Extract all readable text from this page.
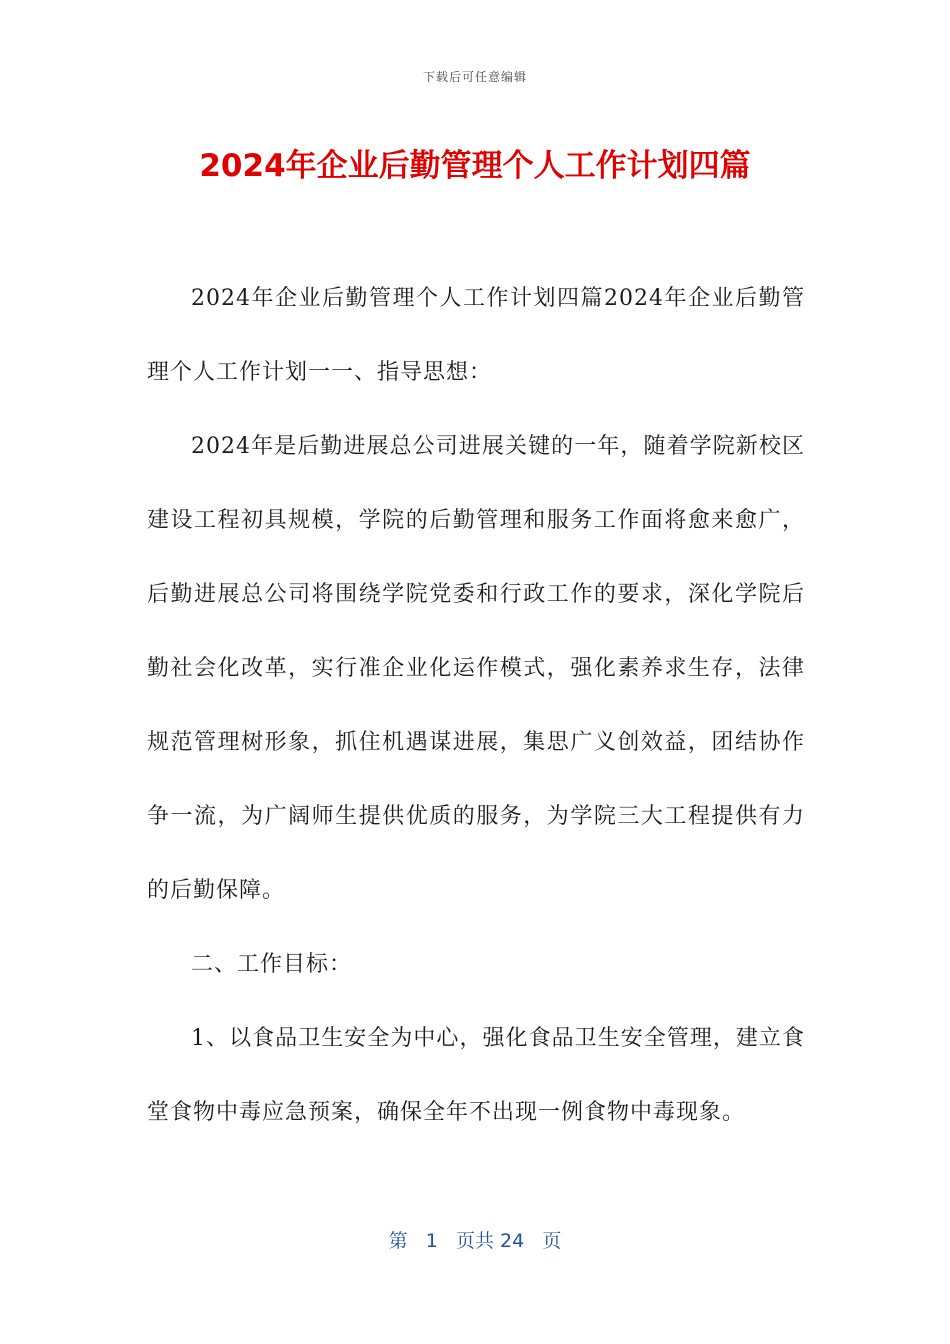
下载后可任意编辑
2024年企业后勤管理个人工作计划四篇

2024年企业后勤管理个人工作计划四篇2024年企业后勤管理个人工作计划一一、指导思想：

2024年是后勤进展总公司进展关键的一年，随着学院新校区建设工程初具规模，学院的后勤管理和服务工作面将愈来愈广，后勤进展总公司将围绕学院党委和行政工作的要求，深化学院后勤社会化改革，实行准企业化运作模式，强化素养求生存，法律规范管理树形象，抓住机遇谋进展，集思广义创效益，团结协作争一流，为广阔师生提供优质的服务，为学院三大工程提供有力的后勤保障。

二、工作目标：

1、以食品卫生安全为中心，强化食品卫生安全管理，建立食堂食物中毒应急预案，确保全年不出现一例食物中毒现象。

第 1 页共 24 页
